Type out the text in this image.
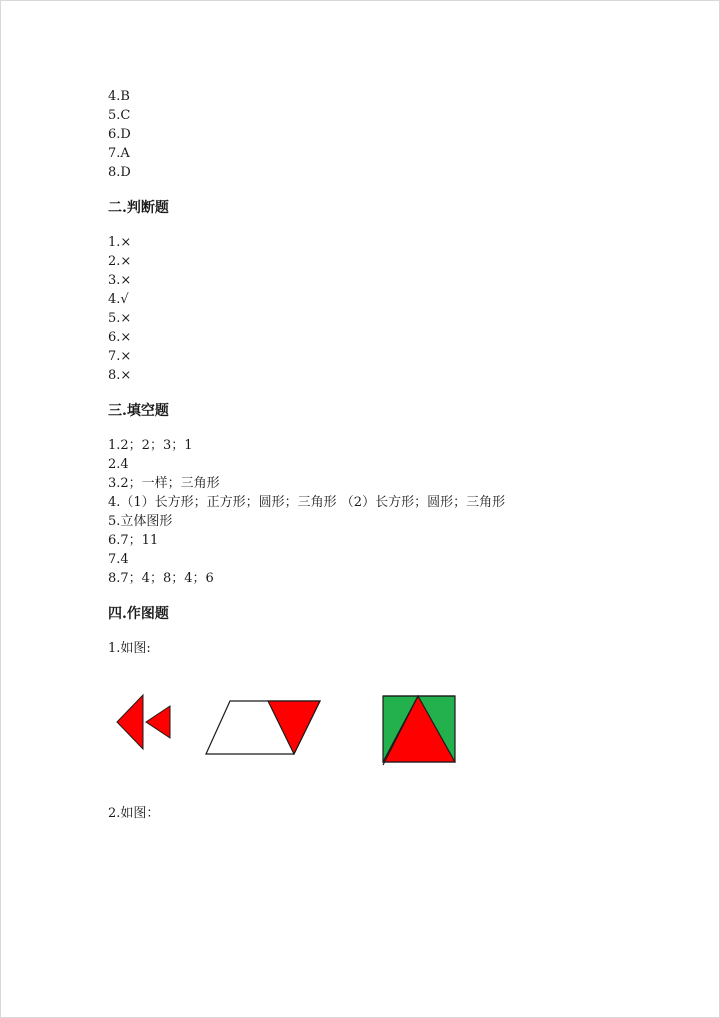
4.B
5.C
6.D
7.A
8.D
二.判断题
1.×
2.×
3.×
4.√
5.×
6.×
7.×
8.×
三.填空题
1.2；2；3；1
2.4
3.2；一样；三角形
4.（1）长方形；正方形；圆形；三角形 （2）长方形；圆形；三角形
5.立体图形
6.7；11
7.4
8.7；4；8；4；6
四.作图题
1.如图:
2.如图：
